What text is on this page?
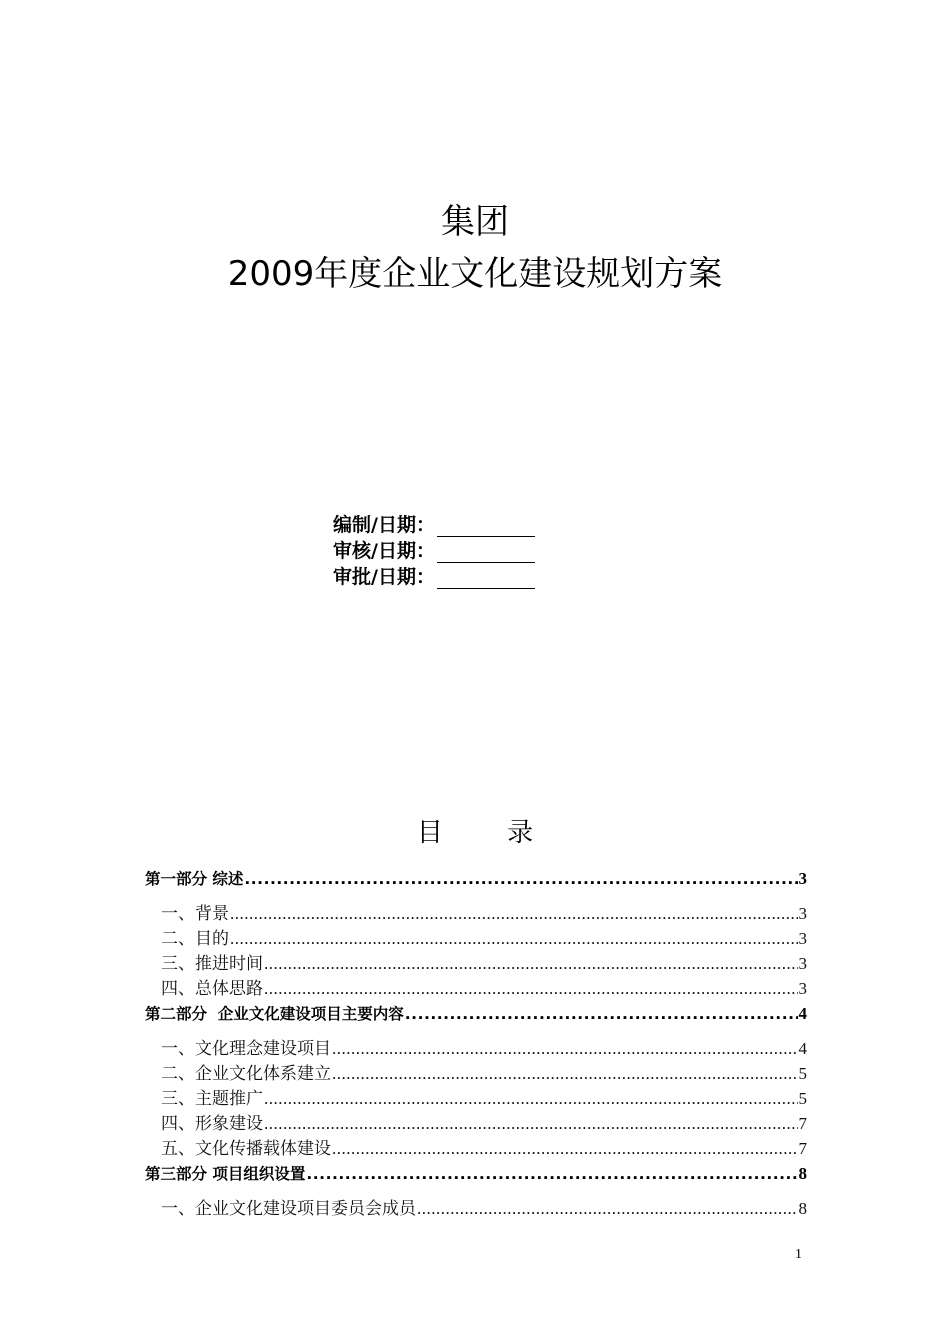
集团
2009年度企业文化建设规划方案
编制/日期：
审核/日期：
审批/日期：
目 录
第一部分 综述 .....	3
一、背景 .....	3
二、目的 .....	3
三、推进时间 .....	3
四、总体思路 .....	3
第二部分  企业文化建设项目主要内容 .....	4
一、文化理念建设项目 .....	4
二、企业文化体系建立 .....	5
三、主题推广 .....	5
四、形象建设 .....	7
五、文化传播载体建设 .....	7
第三部分 项目组织设置 .....	8
一、企业文化建设项目委员会成员 .....	8
1
